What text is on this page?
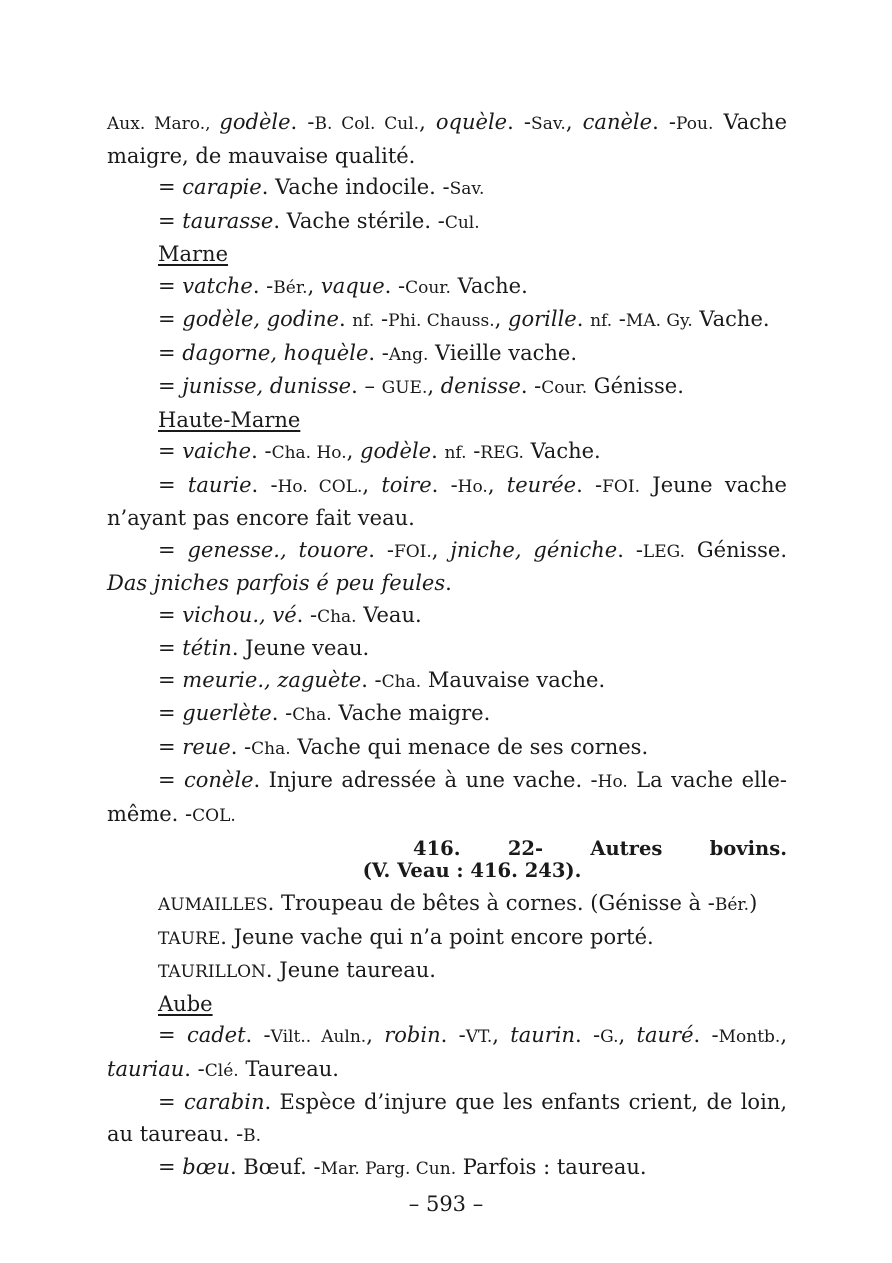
Aux. Maro., godèle. -B. Col. Cul., oquèle. -Sav., canèle. -Pou. Vache
maigre, de mauvaise qualité.
= carapie. Vache indocile. -Sav.
= taurasse. Vache stérile. -Cul.
Marne
= vatche. -Bér., vaque. -Cour. Vache.
= godèle, godine. nf. -Phi. Chauss., gorille. nf. -MA. Gy. Vache.
= dagorne, hoquèle. -Ang. Vieille vache.
= junisse, dunisse. – GUE., denisse. -Cour. Génisse.
Haute-Marne
= vaiche. -Cha. Ho., godèle. nf. -REG. Vache.
= taurie. -Ho. COL., toire. -Ho., teurée. -FOI. Jeune vache
n’ayant pas encore fait veau.
= genesse., touore. -FOI., jniche, géniche. -LEG. Génisse.
Das jniches parfois é peu feules.
= vichou., vé. -Cha. Veau.
= tétin. Jeune veau.
= meurie., zaguète. -Cha. Mauvaise vache.
= guerlète. -Cha. Vache maigre.
= reue. -Cha. Vache qui menace de ses cornes.
= conèle. Injure adressée à une vache. -Ho. La vache elle-
même. -COL.
416. 22- Autres bovins.
(V. Veau : 416. 243).
AUMAILLES. Troupeau de bêtes à cornes. (Génisse à -Bér.)
TAURE. Jeune vache qui n’a point encore porté.
TAURILLON. Jeune taureau.
Aube
= cadet. -Vilt.. Auln., robin. -VT., taurin. -G., tauré. -Montb.,
tauriau. -Clé. Taureau.
= carabin. Espèce d’injure que les enfants crient, de loin,
au taureau. -B.
= bœu. Bœuf. -Mar. Parg. Cun. Parfois : taureau.
– 593 –
